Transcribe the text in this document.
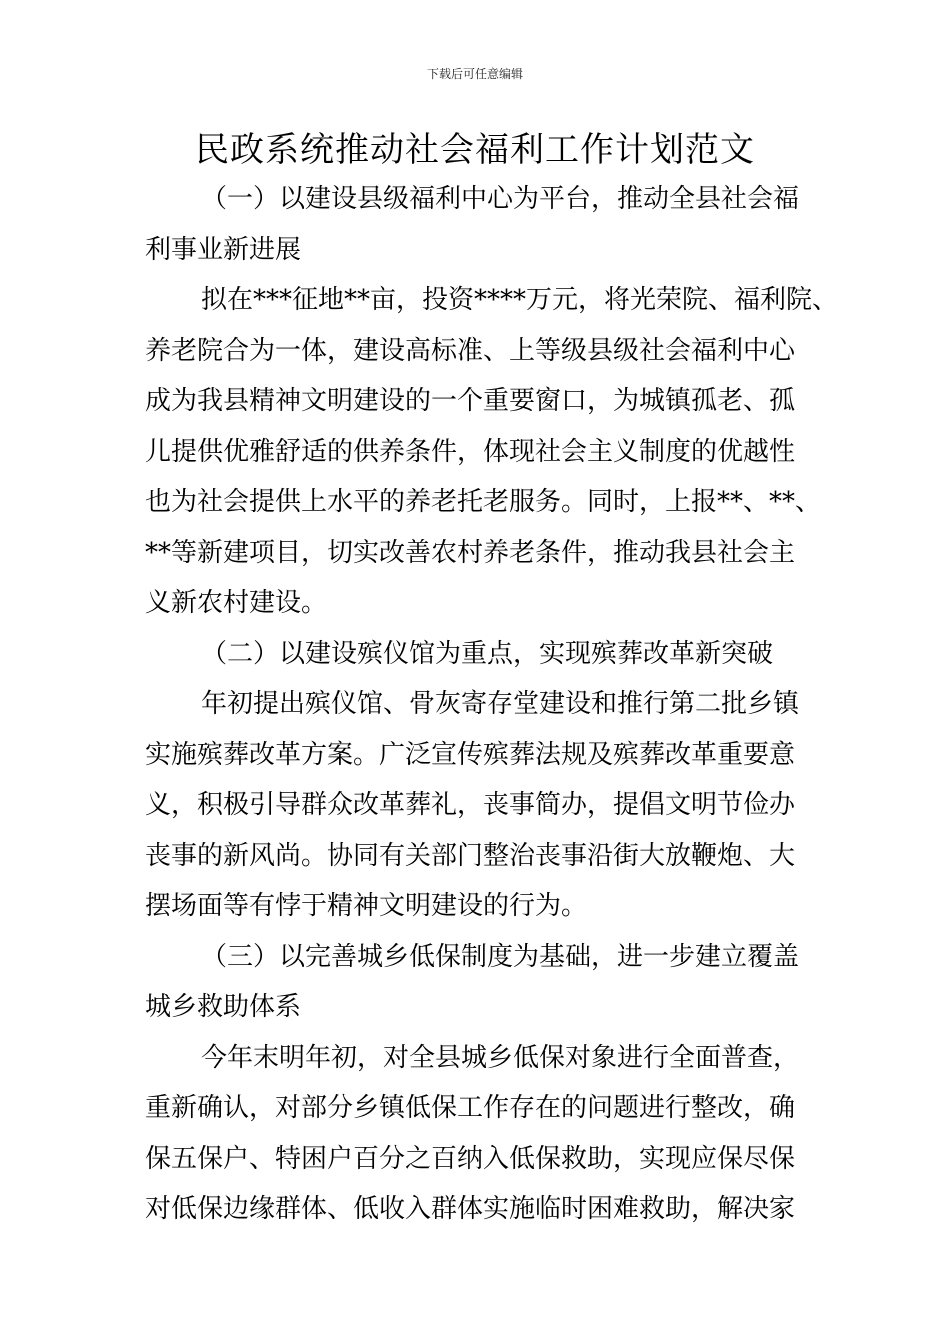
下载后可任意编辑
民政系统推动社会福利工作计划范文
（一）以建设县级福利中心为平台，推动全县社会福
利事业新进展
拟在***征地**亩，投资****万元，将光荣院、福利院、
养老院合为一体，建设高标准、上等级县级社会福利中心
成为我县精神文明建设的一个重要窗口，为城镇孤老、孤
儿提供优雅舒适的供养条件，体现社会主义制度的优越性
也为社会提供上水平的养老托老服务。同时，上报**、**、
**等新建项目，切实改善农村养老条件，推动我县社会主
义新农村建设。
（二）以建设殡仪馆为重点，实现殡葬改革新突破
年初提出殡仪馆、骨灰寄存堂建设和推行第二批乡镇
实施殡葬改革方案。广泛宣传殡葬法规及殡葬改革重要意
义，积极引导群众改革葬礼，丧事简办，提倡文明节俭办
丧事的新风尚。协同有关部门整治丧事沿街大放鞭炮、大
摆场面等有悖于精神文明建设的行为。
（三）以完善城乡低保制度为基础，进一步建立覆盖
城乡救助体系
今年末明年初，对全县城乡低保对象进行全面普查，
重新确认，对部分乡镇低保工作存在的问题进行整改，确
保五保户、特困户百分之百纳入低保救助，实现应保尽保
对低保边缘群体、低收入群体实施临时困难救助，解决家
